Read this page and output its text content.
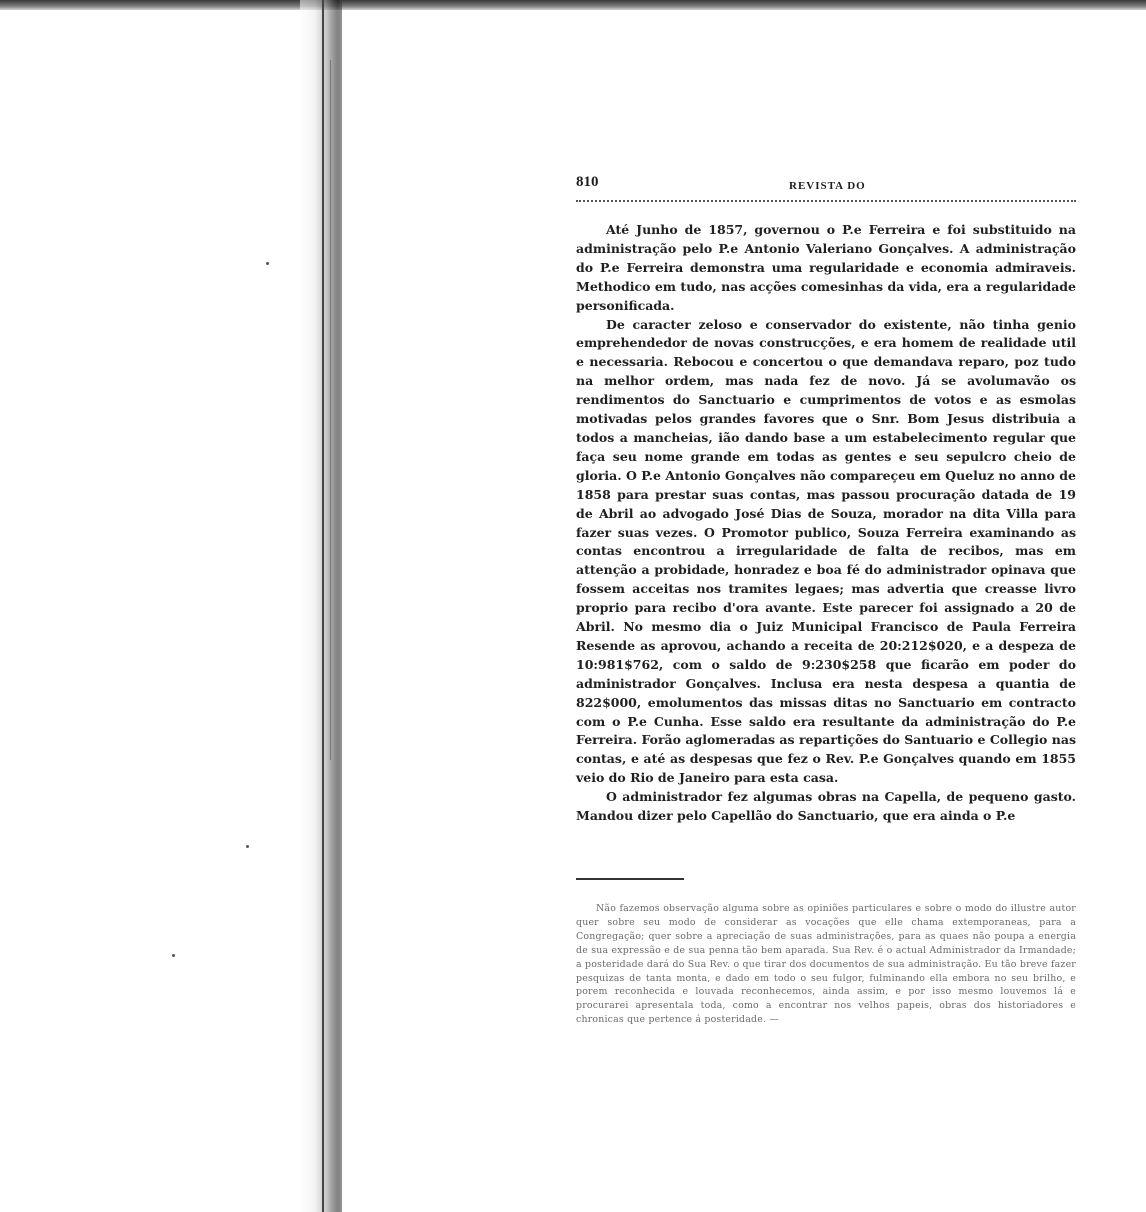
810	REVISTA DO

Até Junho de 1857, governou o P.e Ferreira e foi substituido na administração pelo P.e Antonio Valeriano Gonçalves. A administração do P.e Ferreira demonstra uma regularidade e economia admiraveis. Methodico em tudo, nas acções comesinhas da vida, era a regularidade personificada.

De caracter zeloso e conservador do existente, não tinha genio emprehendedor de novas construcções, e era homem de realidade util e necessaria. Rebocou e concertou o que demandava reparo, poz tudo na melhor ordem, mas nada fez de novo. Já se avolumavão os rendimentos do Sanctuario e cumprimentos de votos e as esmolas motivadas pelos grandes favores que o Snr. Bom Jesus distribuia a todos a mancheias, ião dando base a um estabelecimento regular que faça seu nome grande em todas as gentes e seu sepulcro cheio de gloria. O P.e Antonio Gonçalves não compareçeu em Queluz no anno de 1858 para prestar suas contas, mas passou procuração datada de 19 de Abril ao advogado José Dias de Souza, morador na dita Villa para fazer suas vezes. O Promotor publico, Souza Ferreira examinando as contas encontrou a irregularidade de falta de recibos, mas em attenção a probidade, honradez e boa fé do administrador opinava que fossem acceitas nos tramites legaes; mas advertia que creasse livro proprio para recibo d'ora avante. Este parecer foi assignado a 20 de Abril. No mesmo dia o Juiz Municipal Francisco de Paula Ferreira Resende as aprovou, achando a receita de 20:212$020, e a despeza de 10:981$762, com o saldo de 9:230$258 que ficarão em poder do administrador Gonçalves. Inclusa era nesta despesa a quantia de 822$000, emolumentos das missas ditas no Sanctuario em contracto com o P.e Cunha. Esse saldo era resultante da administração do P.e Ferreira. Forão aglomeradas as repartições do Santuario e Collegio nas contas, e até as despesas que fez o Rev. P.e Gonçalves quando em 1855 veio do Rio de Janeiro para esta casa.

O administrador fez algumas obras na Capella, de pequeno gasto. Mandou dizer pelo Capellão do Sanctuario, que era ainda o P.e

Não fazemos observação alguma sobre as opiniões particulares e sobre o modo do illustre autor quer sobre seu modo de considerar as vocações que elle chama extemporaneas, para a Congregação; quer sobre a apreciação de suas administrações, para as quaes não poupa a energia de sua expressão e de sua penna tão bem aparada. Sua Rev. é o actual Administrador da Irmandade; a posteridade dará do Sua Rev. o que tirar dos documentos de sua administração. Eu tão breve fazer pesquizas de tanta monta, e dado em todo o seu fulgor, fulminando ella embora no seu brilho, e porem reconhecida e louvada reconhecemos, ainda assim, e por isso mesmo louvemos lá e procurarei apresentala toda, como a encontrar nos velhos papeis, obras dos historiadores e chronicas que pertence á posteridade. —
